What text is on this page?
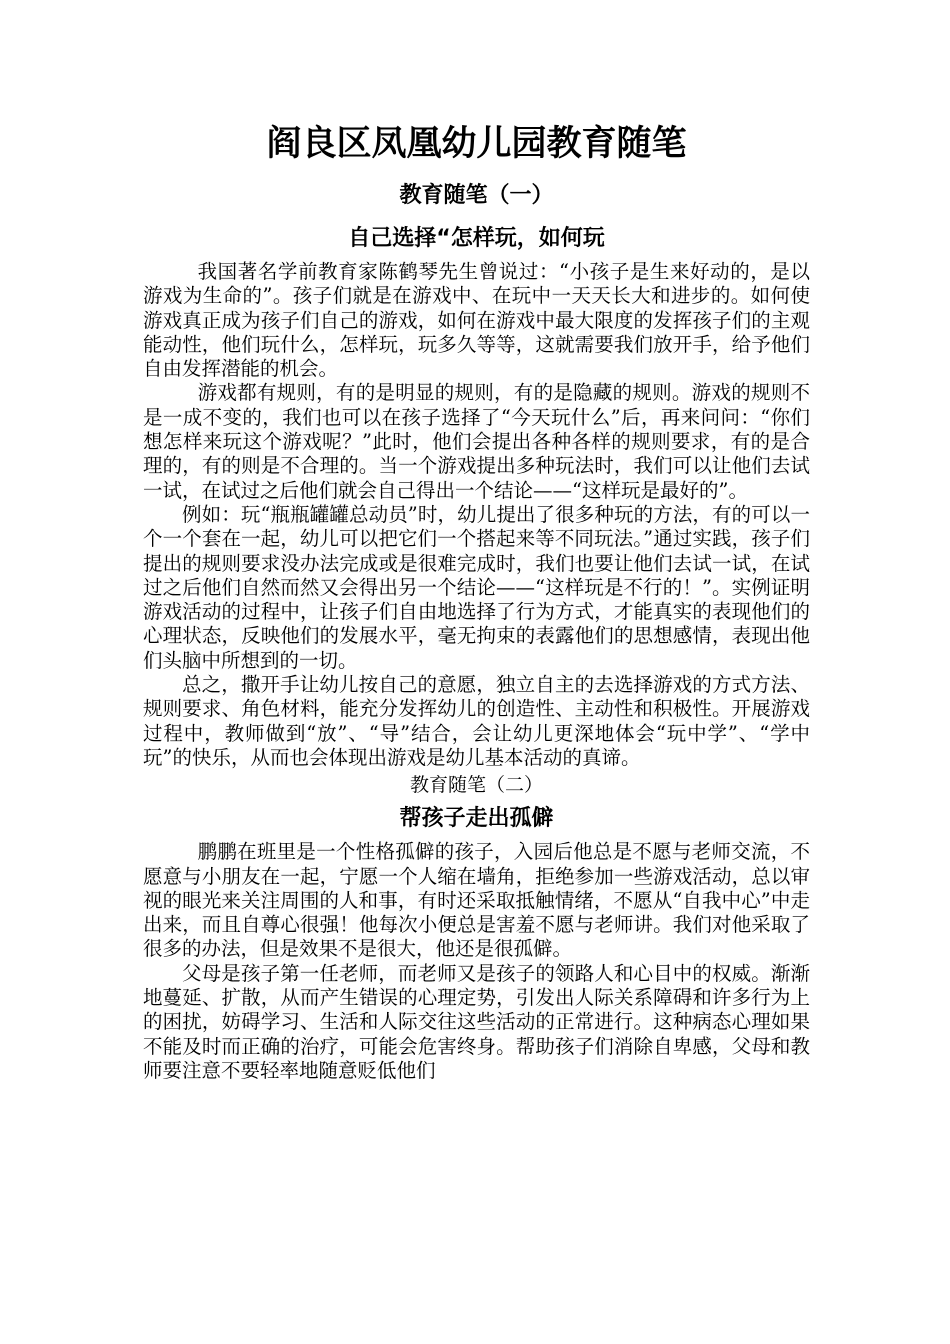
阎良区凤凰幼儿园教育随笔
教育随笔（一）
自己选择“怎样玩，如何玩

我国著名学前教育家陈鹤琴先生曾说过：“小孩子是生来好动的，是以游戏为生命的”。孩子们就是在游戏中、在玩中一天天长大和进步的。如何使游戏真正成为孩子们自己的游戏，如何在游戏中最大限度的发挥孩子们的主观能动性，他们玩什么，怎样玩，玩多久等等，这就需要我们放开手，给予他们自由发挥潜能的机会。

游戏都有规则，有的是明显的规则，有的是隐藏的规则。游戏的规则不是一成不变的，我们也可以在孩子选择了“今天玩什么”后，再来问问：“你们想怎样来玩这个游戏呢？”此时，他们会提出各种各样的规则要求，有的是合理的，有的则是不合理的。当一个游戏提出多种玩法时，我们可以让他们去试一试，在试过之后他们就会自己得出一个结论——“这样玩是最好的”。

例如：玩“瓶瓶罐罐总动员”时，幼儿提出了很多种玩的方法，有的可以一个一个套在一起，幼儿可以把它们一个搭起来等不同玩法。”通过实践，孩子们提出的规则要求没办法完成或是很难完成时，我们也要让他们去试一试，在试过之后他们自然而然又会得出另一个结论——“这样玩是不行的！”。实例证明游戏活动的过程中，让孩子们自由地选择了行为方式，才能真实的表现他们的心理状态，反映他们的发展水平，毫无拘束的表露他们的思想感情，表现出他们头脑中所想到的一切。

总之，撒开手让幼儿按自己的意愿，独立自主的去选择游戏的方式方法、规则要求、角色材料，能充分发挥幼儿的创造性、主动性和积极性。开展游戏过程中，教师做到“放”、“导”结合，会让幼儿更深地体会“玩中学”、“学中玩”的快乐，从而也会体现出游戏是幼儿基本活动的真谛。

教育随笔（二）
帮孩子走出孤僻

鹏鹏在班里是一个性格孤僻的孩子，入园后他总是不愿与老师交流，不愿意与小朋友在一起，宁愿一个人缩在墙角，拒绝参加一些游戏活动，总以审视的眼光来关注周围的人和事，有时还采取抵触情绪，不愿从“自我中心”中走出来，而且自尊心很强！他每次小便总是害羞不愿与老师讲。我们对他采取了很多的办法，但是效果不是很大，他还是很孤僻。

父母是孩子第一任老师，而老师又是孩子的领路人和心目中的权威。渐渐地蔓延、扩散，从而产生错误的心理定势，引发出人际关系障碍和许多行为上的困扰，妨碍学习、生活和人际交往这些活动的正常进行。这种病态心理如果不能及时而正确的治疗，可能会危害终身。帮助孩子们消除自卑感，父母和教师要注意不要轻率地随意贬低他们
